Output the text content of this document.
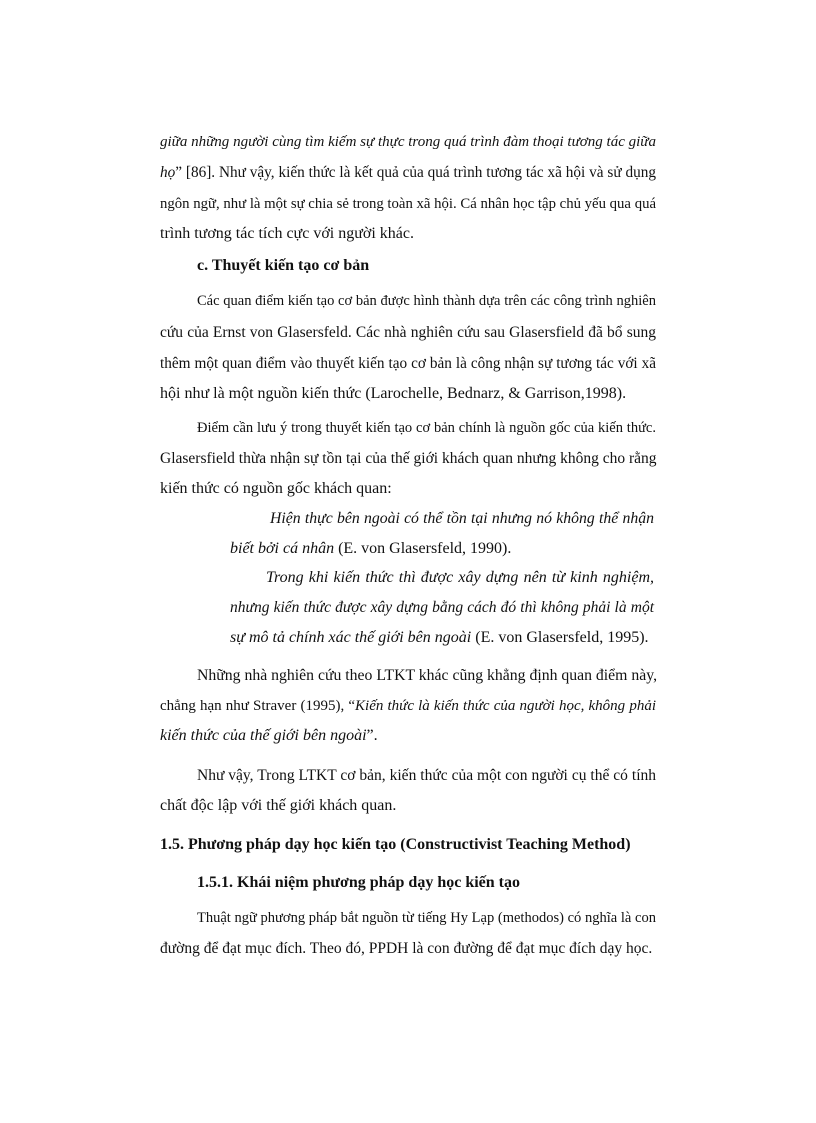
giữa những người cùng tìm kiếm sự thực trong quá trình đàm thoại tương tác giữa
họ” [86]. Như vậy, kiến thức là kết quả của quá trình tương tác xã hội và sử dụng
ngôn ngữ, như là một sự chia sẻ trong toàn xã hội. Cá nhân học tập chủ yếu qua quá
trình tương tác tích cực với người khác.
c. Thuyết kiến tạo cơ bản
Các quan điểm kiến tạo cơ bản được hình thành dựa trên các công trình nghiên
cứu của Ernst von Glasersfeld. Các nhà nghiên cứu sau Glasersfield đã bổ sung
thêm một quan điểm vào thuyết kiến tạo cơ bản là công nhận sự tương tác với xã
hội như là một nguồn kiến thức (Larochelle, Bednarz, & Garrison,1998).
Điểm cần lưu ý trong thuyết kiến tạo cơ bản chính là nguồn gốc của kiến thức.
Glasersfield thừa nhận sự tồn tại của thế giới khách quan nhưng không cho rằng
kiến thức có nguồn gốc khách quan:
Hiện thực bên ngoài có thể tồn tại nhưng nó không thể nhận
biết bởi cá nhân (E. von Glasersfeld, 1990).
Trong khi kiến thức thì được xây dựng nên từ kinh nghiệm,
nhưng kiến thức được xây dựng bằng cách đó thì không phải là một
sự mô tả chính xác thế giới bên ngoài (E. von Glasersfeld, 1995).
Những nhà nghiên cứu theo LTKT khác cũng khẳng định quan điểm này,
chẳng hạn như Straver (1995), “Kiến thức là kiến thức của người học, không phải
kiến thức của thế giới bên ngoài”.
Như vậy, Trong LTKT cơ bản, kiến thức của một con người cụ thể có tính
chất độc lập với thế giới khách quan.
1.5. Phương pháp dạy học kiến tạo (Constructivist Teaching Method)
1.5.1. Khái niệm phương pháp dạy học kiến tạo
Thuật ngữ phương pháp bắt nguồn từ tiếng Hy Lạp (methodos) có nghĩa là con
đường để đạt mục đích. Theo đó, PPDH là con đường để đạt mục đích dạy học.
